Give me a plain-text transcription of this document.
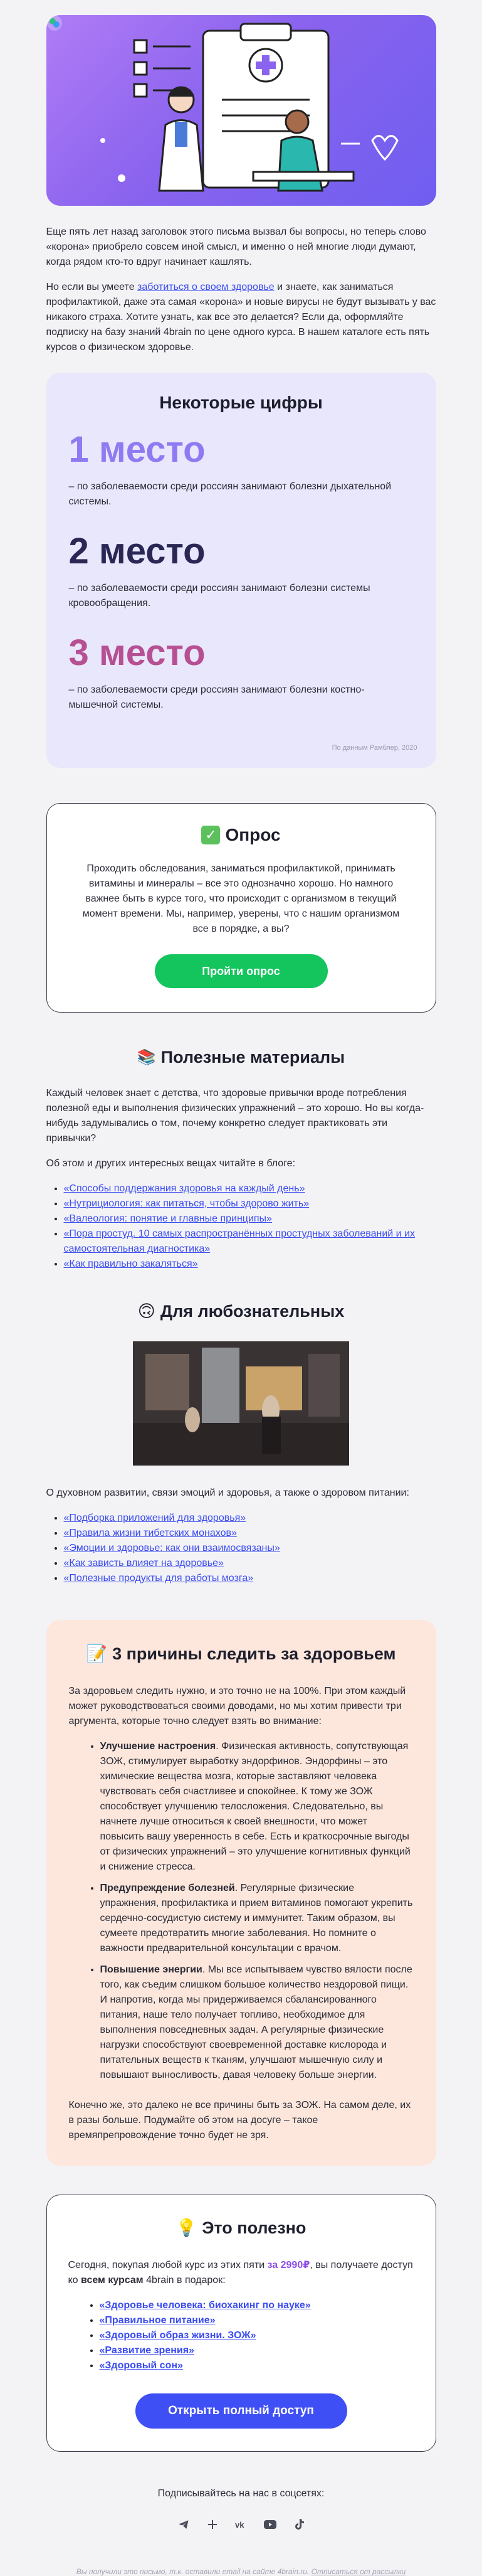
Еще пять лет назад заголовок этого письма вызвал бы вопросы, но теперь слово «корона» приобрело совсем иной смысл, и именно о ней многие люди думают, когда рядом кто-то вдруг начинает кашлять.

Но если вы умеете заботиться о своем здоровье и знаете, как заниматься профилактикой, даже эта самая «корона» и новые вирусы не будут вызывать у вас никакого страха. Хотите узнать, как все это делается? Если да, оформляйте подписку на базу знаний 4brain по цене одного курса. В нашем каталоге есть пять курсов о физическом здоровье.

Некоторые цифры

1 место

– по заболеваемости среди россиян занимают болезни дыхательной системы.

2 место

– по заболеваемости среди россиян занимают болезни системы кровообращения.

3 место

– по заболеваемости среди россиян занимают болезни костно-мышечной системы.

По данным Рамблер, 2020
✓ Опрос

Проходить обследования, заниматься профилактикой, принимать витамины и минералы – все это однозначно хорошо. Но намного важнее быть в курсе того, что происходит с организмом в текущий момент времени. Мы, например, уверены, что с нашим организмом все в порядке, а вы?

Пройти опрос
📚 Полезные материалы

Каждый человек знает с детства, что здоровые привычки вроде потребления полезной еды и выполнения физических упражнений – это хорошо. Но вы когда-нибудь задумывались о том, почему конкретно следует практиковать эти привычки?

Об этом и других интересных вещах читайте в блоге:

• «Способы поддержания здоровья на каждый день»
• «Нутрициология: как питаться, чтобы здорово жить»
• «Валеология: понятие и главные принципы»
• «Пора простуд. 10 самых распространённых простудных заболеваний и их самостоятельная диагностика»
• «Как правильно закаляться»
🙃 Для любознательных

О духовном развитии, связи эмоций и здоровья, а также о здоровом питании:

• «Подборка приложений для здоровья»
• «Правила жизни тибетских монахов»
• «Эмоции и здоровье: как они взаимосвязаны»
• «Как зависть влияет на здоровье»
• «Полезные продукты для работы мозга»
📝 3 причины следить за здоровьем

За здоровьем следить нужно, и это точно не на 100%. При этом каждый может руководствоваться своими доводами, но мы хотим привести три аргумента, которые точно следует взять во внимание:

• Улучшение настроения. Физическая активность, сопутствующая ЗОЖ, стимулирует выработку эндорфинов. Эндорфины – это химические вещества мозга, которые заставляют человека чувствовать себя счастливее и спокойнее. К тому же ЗОЖ способствует улучшению телосложения. Следовательно, вы начнете лучше относиться к своей внешности, что может повысить вашу уверенность в себе. Есть и краткосрочные выгоды от физических упражнений – это улучшение когнитивных функций и снижение стресса.
• Предупреждение болезней. Регулярные физические упражнения, профилактика и прием витаминов помогают укрепить сердечно-сосудистую систему и иммунитет. Таким образом, вы сумеете предотвратить многие заболевания. Но помните о важности предварительной консультации с врачом.
• Повышение энергии. Мы все испытываем чувство вялости после того, как съедим слишком большое количество нездоровой пищи. И напротив, когда мы придерживаемся сбалансированного питания, наше тело получает топливо, необходимое для выполнения повседневных задач. А регулярные физические нагрузки способствуют своевременной доставке кислорода и питательных веществ к тканям, улучшают мышечную силу и повышают выносливость, давая человеку больше энергии.

Конечно же, это далеко не все причины быть за ЗОЖ. На самом деле, их в разы больше. Подумайте об этом на досуге – такое времяпрепровождение точно будет не зря.

💡 Это полезно

Сегодня, покупая любой курс из этих пяти за 2990₽, вы получаете доступ ко всем курсам 4brain в подарок:

• «Здоровье человека: биохакинг по науке»
• «Правильное питание»
• «Здоровый образ жизни. ЗОЖ»
• «Развитие зрения»
• «Здоровый сон»
Открыть полный доступ

Подписывайтесь на нас в соцсетях:

vk
Вы получили это письмо, т.к. оставили email на сайте 4brain.ru. Отписаться от рассылки
